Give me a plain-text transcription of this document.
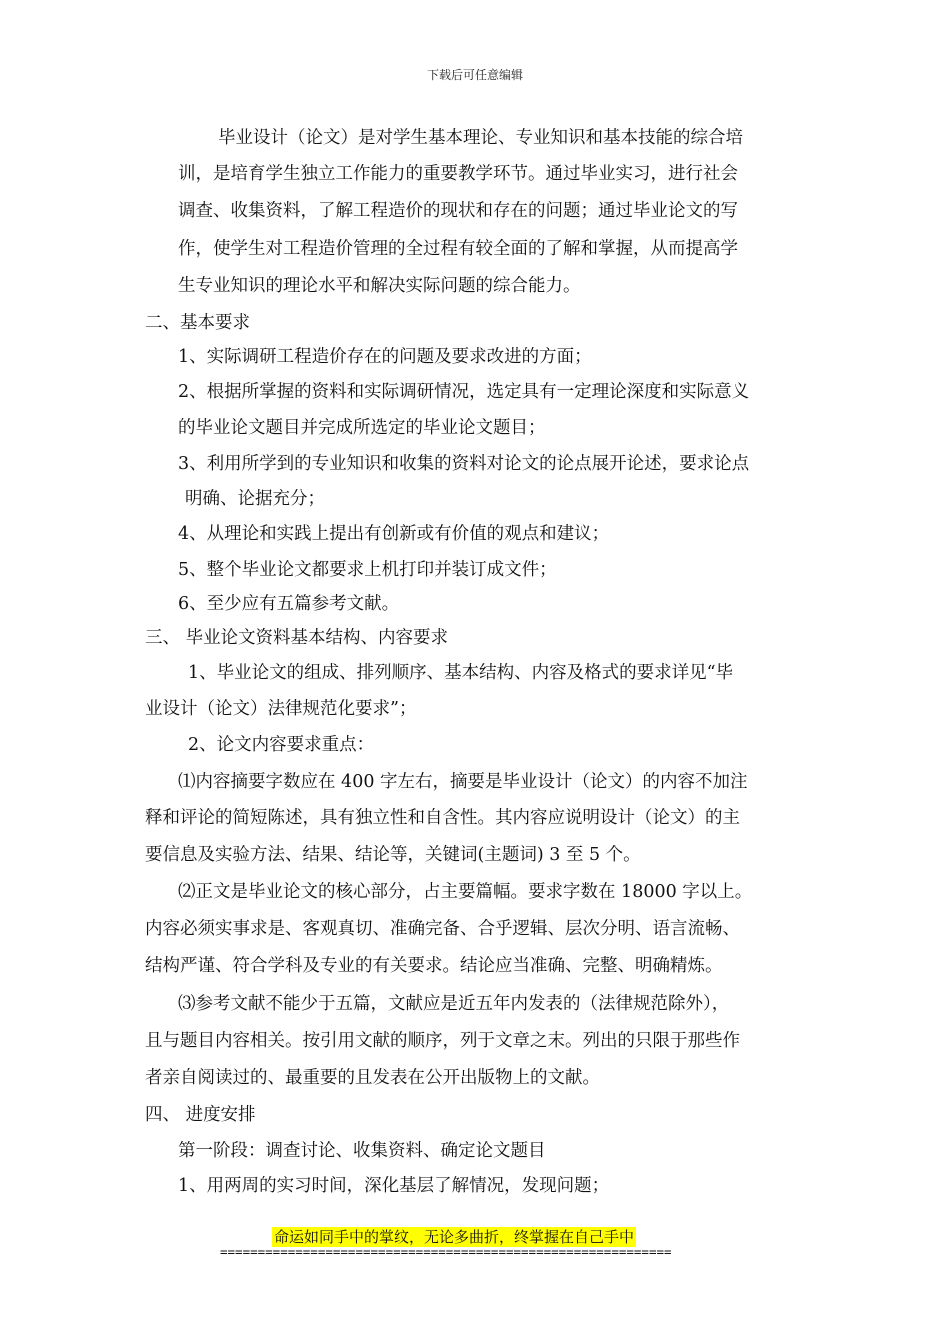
下载后可任意编辑
毕业设计（论文）是对学生基本理论、专业知识和基本技能的综合培
训，是培育学生独立工作能力的重要教学环节。通过毕业实习，进行社会
调查、收集资料，了解工程造价的现状和存在的问题；通过毕业论文的写
作，使学生对工程造价管理的全过程有较全面的了解和掌握，从而提高学
生专业知识的理论水平和解决实际问题的综合能力。
二、基本要求
1、实际调研工程造价存在的问题及要求改进的方面；
2、根据所掌握的资料和实际调研情况，选定具有一定理论深度和实际意义
的毕业论文题目并完成所选定的毕业论文题目；
3、利用所学到的专业知识和收集的资料对论文的论点展开论述，要求论点
明确、论据充分；
4、从理论和实践上提出有创新或有价值的观点和建议；
5、整个毕业论文都要求上机打印并装订成文件；
6、至少应有五篇参考文献。
三、 毕业论文资料基本结构、内容要求
1、毕业论文的组成、排列顺序、基本结构、内容及格式的要求详见“毕
业设计（论文）法律规范化要求”；
2、论文内容要求重点：
⑴内容摘要字数应在 400 字左右，摘要是毕业设计（论文）的内容不加注
释和评论的简短陈述，具有独立性和自含性。其内容应说明设计（论文）的主
要信息及实验方法、结果、结论等，关键词(主题词) 3 至 5 个。
⑵正文是毕业论文的核心部分，占主要篇幅。要求字数在 18000 字以上。
内容必须实事求是、客观真切、准确完备、合乎逻辑、层次分明、语言流畅、
结构严谨、符合学科及专业的有关要求。结论应当准确、完整、明确精炼。
⑶参考文献不能少于五篇，文献应是近五年内发表的（法律规范除外），
且与题目内容相关。按引用文献的顺序，列于文章之末。列出的只限于那些作
者亲自阅读过的、最重要的且发表在公开出版物上的文献。
四、 进度安排
第一阶段：调查讨论、收集资料、确定论文题目
1、用两周的实习时间，深化基层了解情况，发现问题；
命运如同手中的掌纹，无论多曲折，终掌握在自己手中
============================================================
